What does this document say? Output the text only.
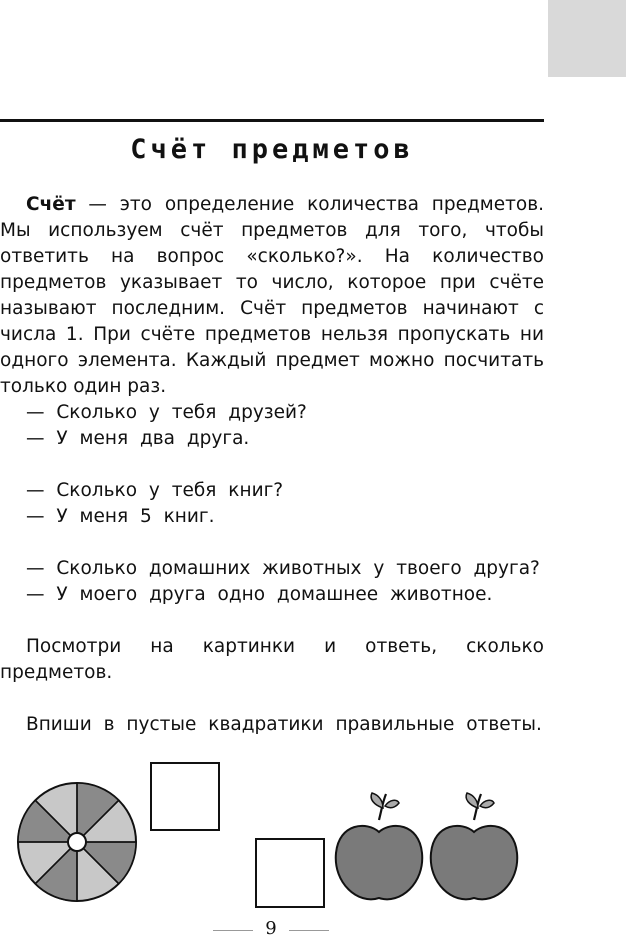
Счёт предметов
Счёт — это определение количества предметов. Мы используем счёт предметов для того, чтобы ответить на вопрос «сколько?». На количество предметов указывает то число, которое при счёте называют последним. Счёт предметов начинают с числа 1. При счёте предметов нельзя пропускать ни одного элемента. Каждый предмет можно посчитать только один раз.
— Сколько у тебя друзей?
— У меня два друга.
— Сколько у тебя книг?
— У меня 5 книг.
— Сколько домашних животных у твоего друга?
— У моего друга одно домашнее животное.
Посмотри на картинки и ответь, сколько предметов.
Впиши в пустые квадратики правильные ответы.
9
